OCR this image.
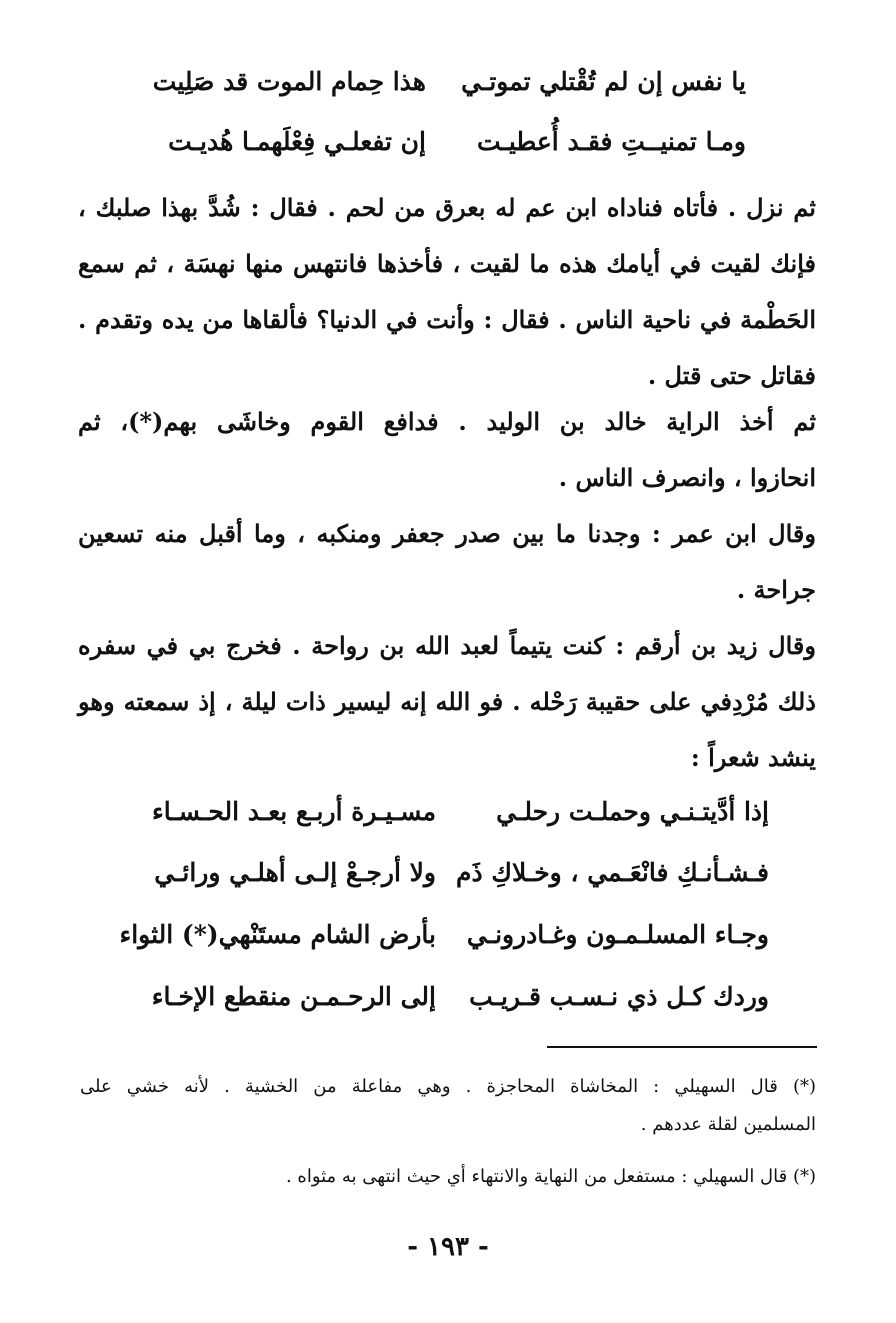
يا نفس إن لم تُقْتلي تموتـي
هذا حِمام الموت قد صَلِيت
ومـا تمنيــتِ فقـد أُعطيـت
إن تفعلـي فِعْلَهمـا هُديـت
ثم نزل . فأتاه فناداه ابن عم له بعرق من لحم . فقال : شُدَّ بهذا صلبك ،
فإنك لقيت في أيامك هذه ما لقيت ، فأخذها فانتهس منها نهسَة ، ثم سمع
الحَطْمة في ناحية الناس . فقال : وأنت في الدنيا؟ فألقاها من يده وتقدم .
فقاتل حتى قتل .
ثم أخذ الراية خالد بن الوليد . فدافع القوم وخاشَى بهم(*)، ثم
انحازوا ، وانصرف الناس .
وقال ابن عمر : وجدنا ما بين صدر جعفر ومنكبه ، وما أقبل منه تسعين
جراحة .
وقال زيد بن أرقم : كنت يتيماً لعبد الله بن رواحة . فخرج بي في سفره
ذلك مُرْدِفي على حقيبة رَحْله . فو الله إنه ليسير ذات ليلة ، إذ سمعته وهو
ينشد شعراً :
إذا أدَّيتـنـي وحملـت رحلـي
مسـيـرة أربـع بعـد الحـسـاء
فـشـأنـكِ فانْعَـمي ، وخـلاكِ ذَم
ولا أرجـعْ إلـى أهلـي ورائـي
وجـاء المسلـمـون وغـادرونـي
بأرض الشام مستَنْهي(*) الثواء
وردك كـل ذي نـسـب قـريـب
إلى الرحـمـن منقطع الإخـاء
(*) قال السهيلي : المخاشاة المحاجزة . وهي مفاعلة من الخشية . لأنه خشي على
المسلمين لقلة عددهم .
(*) قال السهيلي : مستفعل من النهاية والانتهاء أي حيث انتهى به مثواه .
- ١٩٣ -
